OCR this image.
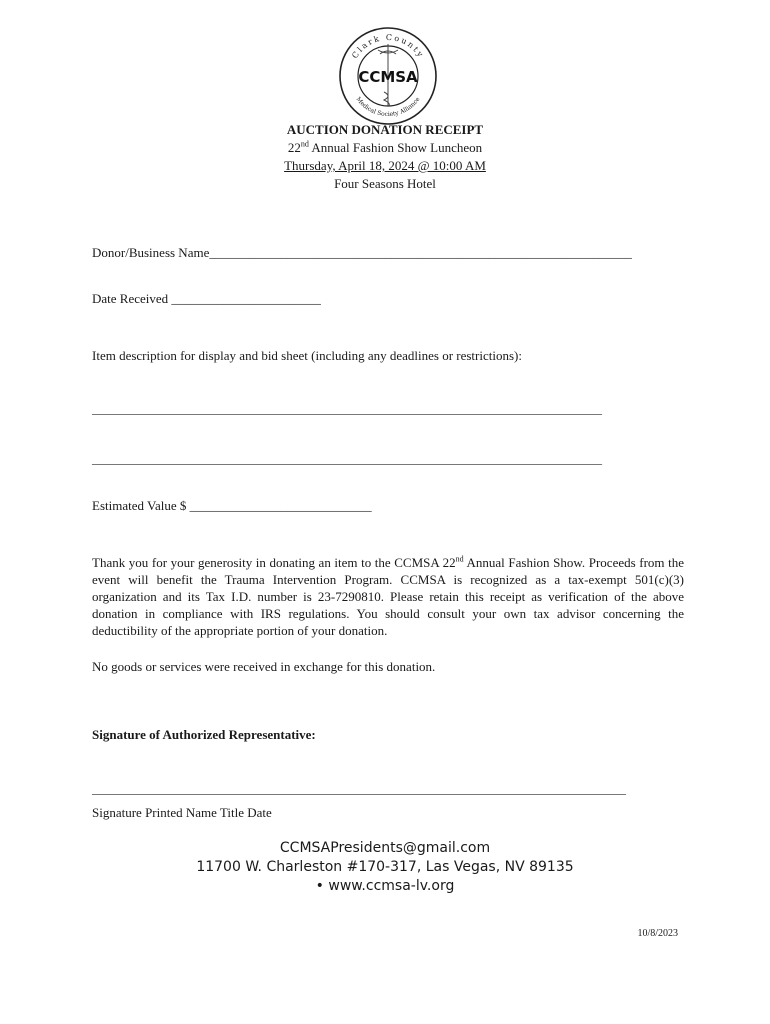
Clark County
Medical Society Alliance
CCMSA
AUCTION DONATION RECEIPT
22nd Annual Fashion Show Luncheon
Thursday, April 18, 2024 @ 10:00 AM
Four Seasons Hotel
Donor/Business Name_________________________________________________________________
Date Received _______________________
Item description for display and bid sheet (including any deadlines or restrictions):
_____________________________________________________________________________________
_____________________________________________________________________________________
Estimated Value $ ____________________________
Thank you for your generosity in donating an item to the CCMSA 22nd Annual Fashion Show. Proceeds from the event will benefit the Trauma Intervention Program. CCMSA is recognized as a tax-exempt 501(c)(3) organization and its Tax I.D. number is 23-7290810. Please retain this receipt as verification of the above donation in compliance with IRS regulations. You should consult your own tax advisor concerning the deductibility of the appropriate portion of your donation.
No goods or services were received in exchange for this donation.
Signature of Authorized Representative:
_________________________________________________________________________________________
Signature Printed Name Title Date
CCMSAPresidents@gmail.com
11700 W. Charleston #170-317, Las Vegas, NV 89135
• www.ccmsa-lv.org
10/8/2023
